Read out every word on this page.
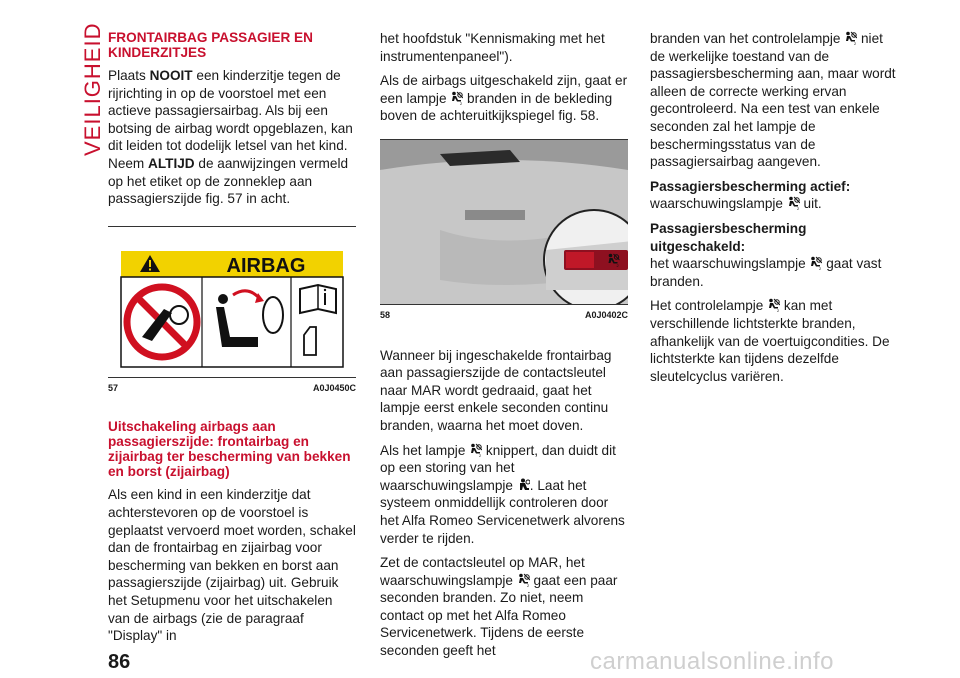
VEILIGHEID FRONTAIRBAG PASSAGIER EN KINDERZITJES

Plaats NOOIT een kinderzitje tegen de rijrichting in op de voorstoel met een actieve passagiersairbag. Als bij een botsing de airbag wordt opgeblazen, kan dit leiden tot dodelijk letsel van het kind. Neem ALTIJD de aanwijzingen vermeld op het etiket op de zonneklep aan passagierszijde fig. 57 in acht.

AIRBAG
57	A0J0450C

Uitschakeling airbags aan passagierszijde: frontairbag en zijairbag ter bescherming van bekken en borst (zijairbag)

Als een kind in een kinderzitje dat achterstevoren op de voorstoel is geplaatst vervoerd moet worden, schakel dan de frontairbag en zijairbag voor bescherming van bekken en borst aan passagierszijde (zijairbag) uit. Gebruik het Setupmenu voor het uitschakelen van de airbags (zie de paragraaf "Display" in

het hoofdstuk "Kennismaking met het instrumentenpaneel").

Als de airbags uitgeschakeld zijn, gaat er een lampje  branden in de bekleding boven de achteruitkijkspiegel fig. 58.

58	A0J0402C

Wanneer bij ingeschakelde frontairbag aan passagierszijde de contactsleutel naar MAR wordt gedraaid, gaat het lampje eerst enkele seconden continu branden, waarna het moet doven.

Als het lampje  knippert, dan duidt dit op een storing van het waarschuwingslampje . Laat het systeem onmiddellijk controleren door het Alfa Romeo Servicenetwerk alvorens verder te rijden.

Zet de contactsleutel op MAR, het waarschuwingslampje  gaat een paar seconden branden. Zo niet, neem contact op met het Alfa Romeo Servicenetwerk. Tijdens de eerste seconden geeft het

branden van het controlelampje  niet de werkelijke toestand van de passagiersbescherming aan, maar wordt alleen de correcte werking ervan gecontroleerd. Na een test van enkele seconden zal het lampje de beschermingsstatus van de passagiersairbag aangeven.

Passagiersbescherming actief:

waarschuwingslampje  uit.

Passagiersbescherming uitgeschakeld:

het waarschuwingslampje  gaat vast branden.

Het controlelampje  kan met verschillende lichtsterkte branden, afhankelijk van de voertuigcondities. De lichtsterkte kan tijdens dezelfde sleutelcyclus variëren.

86	carmanualsonline.info
